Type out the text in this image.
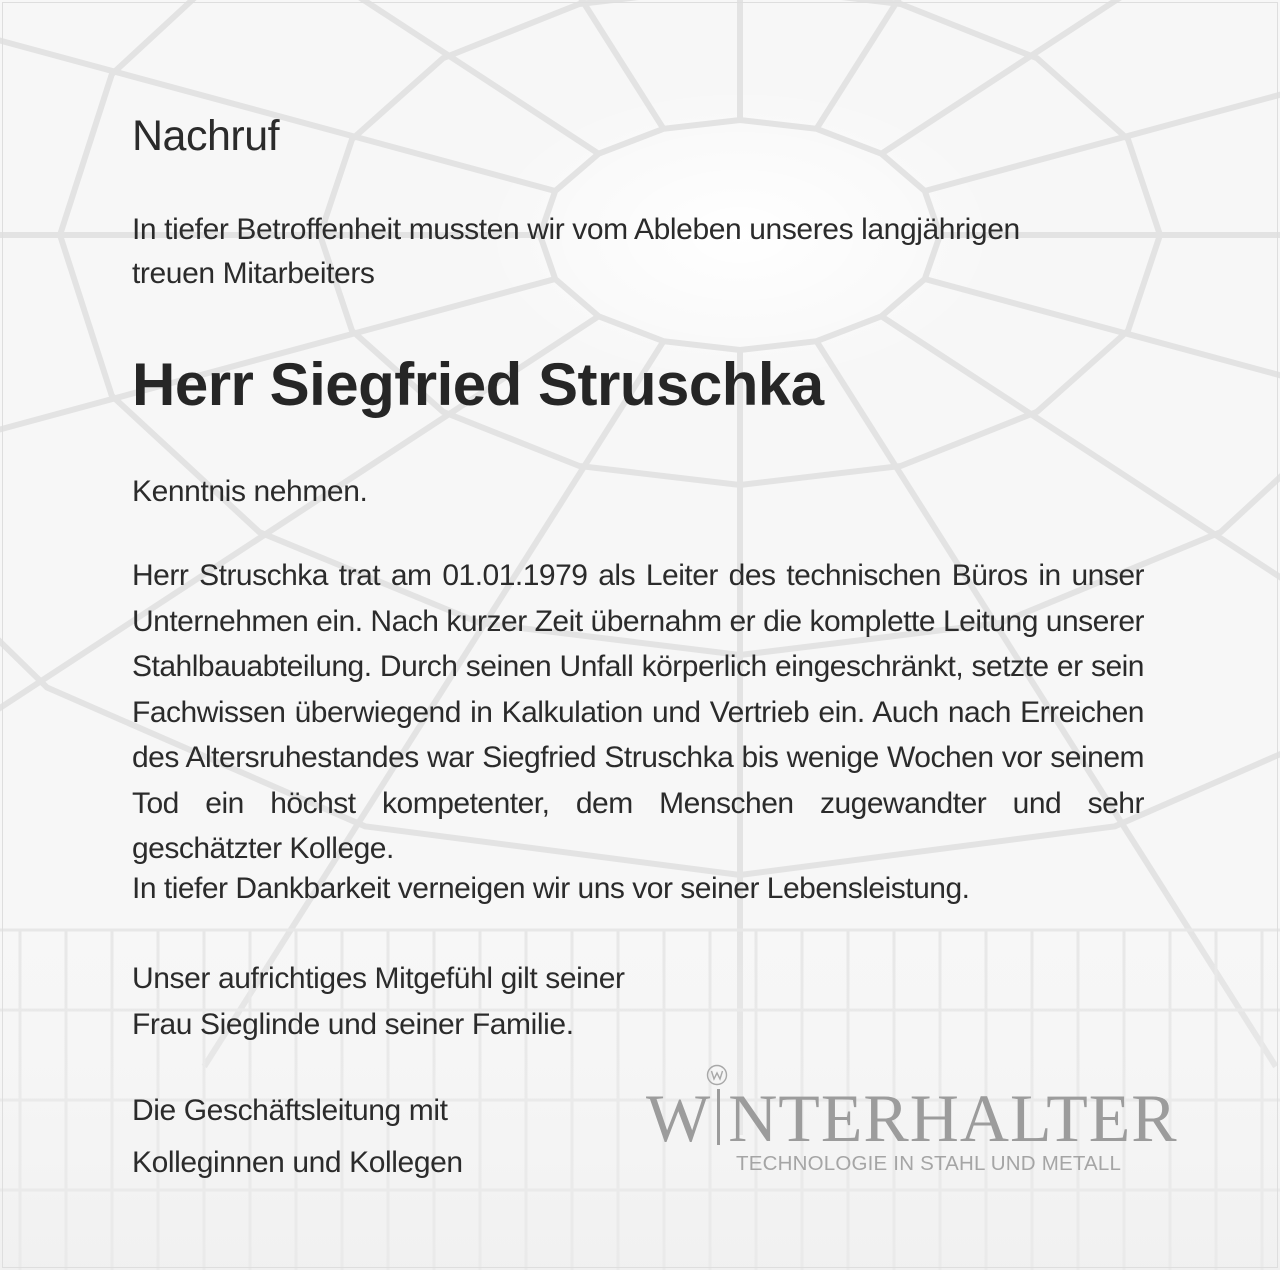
Nachruf

In tiefer Betroffenheit mussten wir vom Ableben unseres langjährigen
treuen Mitarbeiters

Herr Siegfried Struschka

Kenntnis nehmen.

Herr Struschka trat am 01.01.1979 als Leiter des technischen Büros in unser Unternehmen ein. Nach kurzer Zeit übernahm er die komplette Leitung unserer Stahlbauabteilung. Durch seinen Unfall körperlich eingeschränkt, setzte er sein Fachwissen überwiegend in Kalkulation und Vertrieb ein. Auch nach Erreichen des Altersruhestandes war Siegfried Struschka bis wenige Wochen vor seinem Tod ein höchst kompetenter, dem Menschen zugewandter und sehr geschätzter Kollege.

In tiefer Dankbarkeit verneigen wir uns vor seiner Lebensleistung.

Unser aufrichtiges Mitgefühl gilt seiner
Frau Sieglinde und seiner Familie.

Die Geschäftsleitung mit
Kolleginnen und Kollegen

W NTERHALTER
TECHNOLOGIE IN STAHL UND METALL
